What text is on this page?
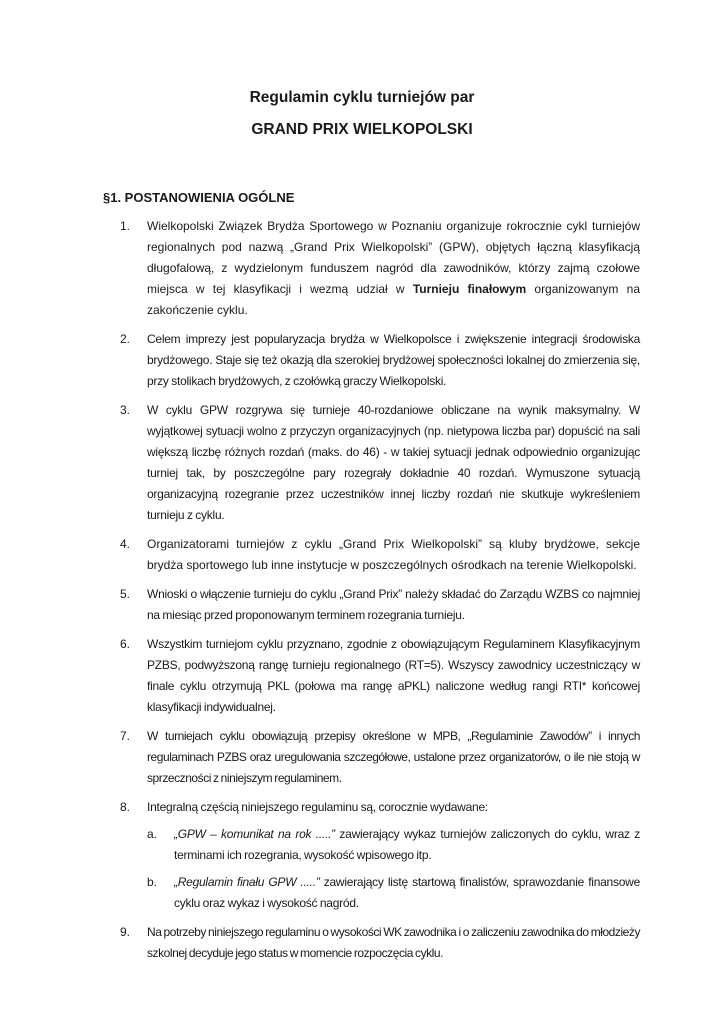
Regulamin cyklu turniejów par
GRAND PRIX WIELKOPOLSKI
§1. POSTANOWIENIA OGÓLNE
1. Wielkopolski Związek Brydża Sportowego w Poznaniu organizuje rokrocznie cykl turniejów regionalnych pod nazwą „Grand Prix Wielkopolski” (GPW), objętych łączną klasyfikacją długofalową, z wydzielonym funduszem nagród dla zawodników, którzy zajmą czołowe miejsca w tej klasyfikacji i wezmą udział w Turnieju finałowym organizowanym na zakończenie cyklu.
2. Celem imprezy jest popularyzacja brydża w Wielkopolsce i zwiększenie integracji środowiska brydżowego. Staje się też okazją dla szerokiej brydżowej społeczności lokalnej do zmierzenia się, przy stolikach brydżowych, z czołówką graczy Wielkopolski.
3. W cyklu GPW rozgrywa się turnieje 40-rozdaniowe obliczane na wynik maksymalny. W wyjątkowej sytuacji wolno z przyczyn organizacyjnych (np. nietypowa liczba par) dopuścić na sali większą liczbę różnych rozdań (maks. do 46) - w takiej sytuacji jednak odpowiednio organizując turniej tak, by poszczególne pary rozegrały dokładnie 40 rozdań. Wymuszone sytuacją organizacyjną rozegranie przez uczestników innej liczby rozdań nie skutkuje wykreśleniem turnieju z cyklu.
4. Organizatorami turniejów z cyklu „Grand Prix Wielkopolski” są kluby brydżowe, sekcje brydża sportowego lub inne instytucje w poszczególnych ośrodkach na terenie Wielkopolski.
5. Wnioski o włączenie turnieju do cyklu „Grand Prix” należy składać do Zarządu WZBS co najmniej na miesiąc przed proponowanym terminem rozegrania turnieju.
6. Wszystkim turniejom cyklu przyznano, zgodnie z obowiązującym Regulaminem Klasyfikacyjnym PZBS, podwyższoną rangę turnieju regionalnego (RT=5). Wszyscy zawodnicy uczestniczący w finale cyklu otrzymują PKL (połowa ma rangę aPKL) naliczone według rangi RTI* końcowej klasyfikacji indywidualnej.
7. W turniejach cyklu obowiązują przepisy określone w MPB, „Regulaminie Zawodów” i innych regulaminach PZBS oraz uregulowania szczegółowe, ustalone przez organizatorów, o ile nie stoją w sprzeczności z niniejszym regulaminem.
8. Integralną częścią niniejszego regulaminu są, corocznie wydawane:
a. „GPW – komunikat na rok .....” zawierający wykaz turniejów zaliczonych do cyklu, wraz z terminami ich rozegrania, wysokość wpisowego itp.
b. „Regulamin finału GPW .....” zawierający listę startową finalistów, sprawozdanie finansowe cyklu oraz wykaz i wysokość nagród.
9. Na potrzeby niniejszego regulaminu o wysokości WK zawodnika i o zaliczeniu zawodnika do młodzieży szkolnej decyduje jego status w momencie rozpoczęcia cyklu.
